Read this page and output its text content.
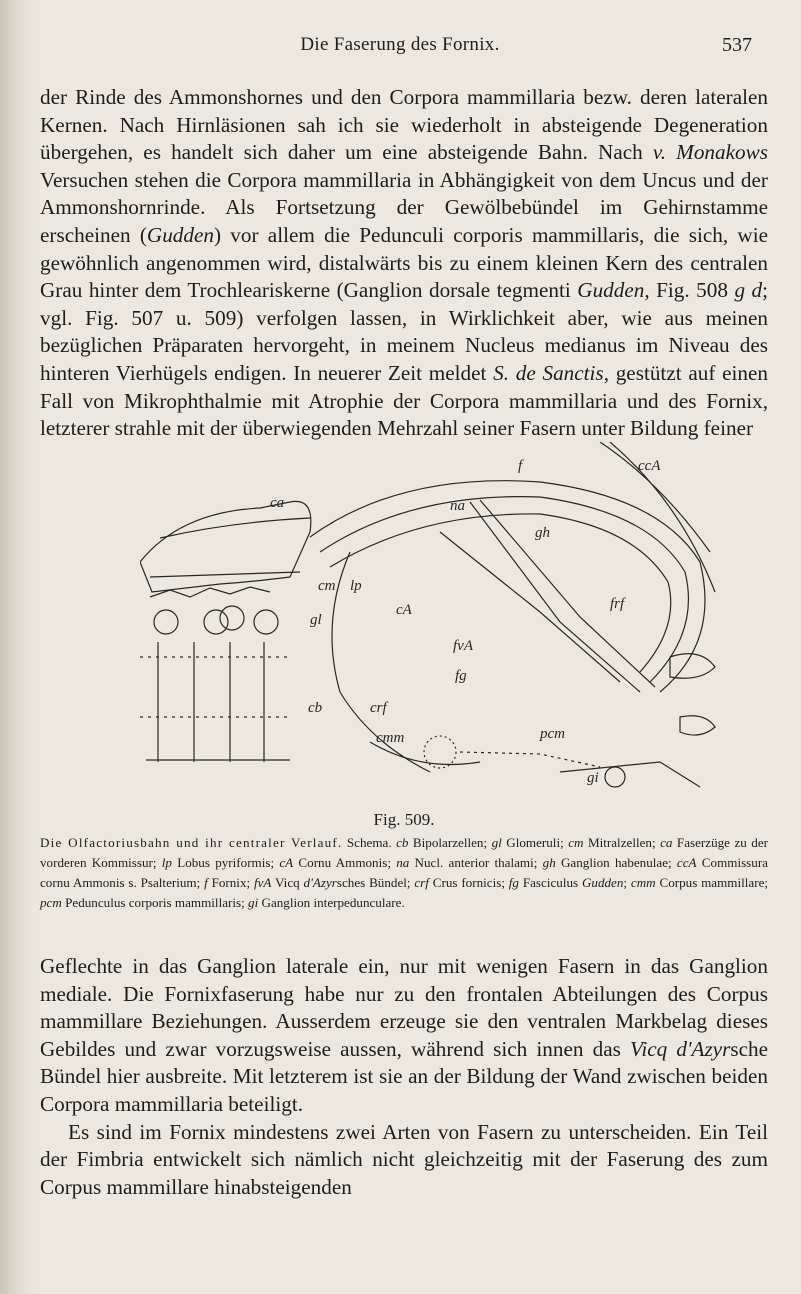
Die Faserung des Fornix.	537

der Rinde des Ammonshornes und den Corpora mammillaria bezw. deren lateralen Kernen. Nach Hirnläsionen sah ich sie wiederholt in absteigende Degeneration übergehen, es handelt sich daher um eine absteigende Bahn. Nach v. Monakows Versuchen stehen die Corpora mammillaria in Abhängigkeit von dem Uncus und der Ammonshornrinde. Als Fortsetzung der Gewölbebündel im Gehirnstamme erscheinen (Gudden) vor allem die Pedunculi corporis mammillaris, die sich, wie gewöhnlich angenommen wird, distalwärts bis zu einem kleinen Kern des centralen Grau hinter dem Trochleariskerne (Ganglion dorsale tegmenti Gudden, Fig. 508 g d; vgl. Fig. 507 u. 509) verfolgen lassen, in Wirklichkeit aber, wie aus meinen bezüglichen Präparaten hervorgeht, in meinem Nucleus medianus im Niveau des hinteren Vierhügels endigen. In neuerer Zeit meldet S. de Sanctis, gestützt auf einen Fall von Mikrophthalmie mit Atrophie der Corpora mammillaria und des Fornix, letzterer strahle mit der überwiegenden Mehrzahl seiner Fasern unter Bildung feiner

ca
cm
gl
cb
lp
f	ccA
na
gh
frf
cA
fvA
fg
crf
cmm	pcm
gi
Fig. 509.
Die Olfactoriusbahn und ihr centraler Verlauf. Schema. cb Bipolarzellen; gl Glomeruli; cm Mitralzellen; ca Faserzüge zu der vorderen Kommissur; lp Lobus pyriformis; cA Cornu Ammonis; na Nucl. anterior thalami; gh Ganglion habenulae; ccA Commissura cornu Ammonis s. Psalterium; f Fornix; fvA Vicq d'Azyrsches Bündel; crf Crus fornicis; fg Fasciculus Gudden; cmm Corpus mammillare; pcm Pedunculus corporis mammillaris; gi Ganglion interpedunculare.

Geflechte in das Ganglion laterale ein, nur mit wenigen Fasern in das Ganglion mediale. Die Fornixfaserung habe nur zu den frontalen Abteilungen des Corpus mammillare Beziehungen. Ausserdem erzeuge sie den ventralen Markbelag dieses Gebildes und zwar vorzugsweise aussen, während sich innen das Vicq d'Azyrsche Bündel hier ausbreite. Mit letzterem ist sie an der Bildung der Wand zwischen beiden Corpora mammillaria beteiligt.

Es sind im Fornix mindestens zwei Arten von Fasern zu unterscheiden. Ein Teil der Fimbria entwickelt sich nämlich nicht gleichzeitig mit der Faserung des zum Corpus mammillare hinabsteigenden
